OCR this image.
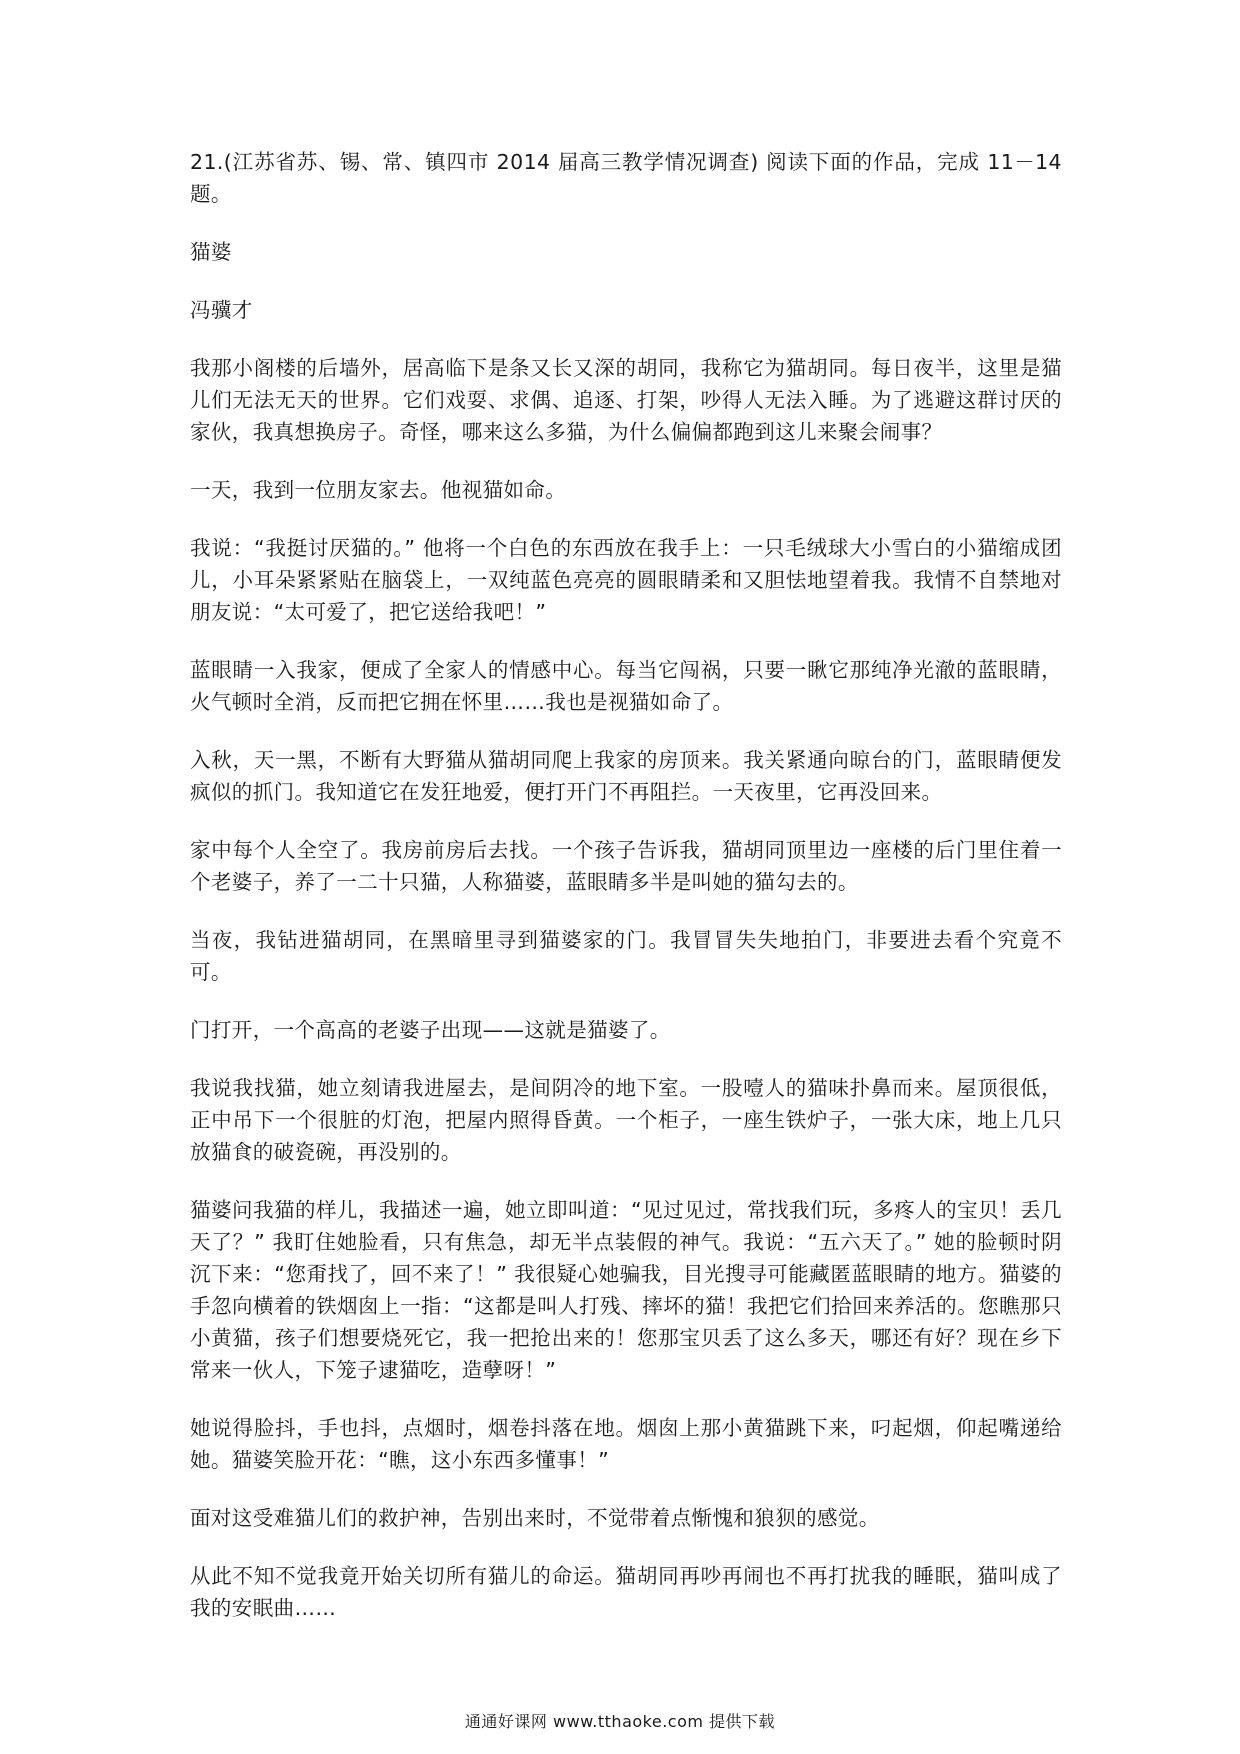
21.(江苏省苏、锡、常、镇四市 2014 届高三教学情况调查) 阅读下面的作品，完成 11－14 题。

猫婆

冯骥才

我那小阁楼的后墙外，居高临下是条又长又深的胡同，我称它为猫胡同。每日夜半，这里是猫儿们无法无天的世界。它们戏耍、求偶、追逐、打架，吵得人无法入睡。为了逃避这群讨厌的家伙，我真想换房子。奇怪，哪来这么多猫，为什么偏偏都跑到这儿来聚会闹事？

一天，我到一位朋友家去。他视猫如命。

我说：“我挺讨厌猫的。” 他将一个白色的东西放在我手上：一只毛绒球大小雪白的小猫缩成团儿，小耳朵紧紧贴在脑袋上，一双纯蓝色亮亮的圆眼睛柔和又胆怯地望着我。我情不自禁地对朋友说：“太可爱了，把它送给我吧！”

蓝眼睛一入我家，便成了全家人的情感中心。每当它闯祸，只要一瞅它那纯净光澈的蓝眼睛，火气顿时全消，反而把它拥在怀里……我也是视猫如命了。

入秋，天一黑，不断有大野猫从猫胡同爬上我家的房顶来。我关紧通向晾台的门，蓝眼睛便发疯似的抓门。我知道它在发狂地爱，便打开门不再阻拦。一天夜里，它再没回来。

家中每个人全空了。我房前房后去找。一个孩子告诉我，猫胡同顶里边一座楼的后门里住着一个老婆子，养了一二十只猫，人称猫婆，蓝眼睛多半是叫她的猫勾去的。

当夜，我钻进猫胡同，在黑暗里寻到猫婆家的门。我冒冒失失地拍门，非要进去看个究竟不可。

门打开，一个高高的老婆子出现——这就是猫婆了。

我说我找猫，她立刻请我进屋去，是间阴冷的地下室。一股噎人的猫味扑鼻而来。屋顶很低，正中吊下一个很脏的灯泡，把屋内照得昏黄。一个柜子，一座生铁炉子，一张大床，地上几只放猫食的破瓷碗，再没别的。

猫婆问我猫的样儿，我描述一遍，她立即叫道：“见过见过，常找我们玩，多疼人的宝贝！丢几天了？” 我盯住她脸看，只有焦急，却无半点装假的神气。我说：“五六天了。” 她的脸顿时阴沉下来：“您甭找了，回不来了！” 我很疑心她骗我，目光搜寻可能藏匿蓝眼睛的地方。猫婆的手忽向横着的铁烟囱上一指：“这都是叫人打残、摔坏的猫！我把它们拾回来养活的。您瞧那只小黄猫，孩子们想要烧死它，我一把抢出来的！您那宝贝丢了这么多天，哪还有好？现在乡下常来一伙人，下笼子逮猫吃，造孽呀！”

她说得脸抖，手也抖，点烟时，烟卷抖落在地。烟囱上那小黄猫跳下来，叼起烟，仰起嘴递给她。猫婆笑脸开花：“瞧，这小东西多懂事！”

面对这受难猫儿们的救护神，告别出来时，不觉带着点惭愧和狼狈的感觉。

从此不知不觉我竟开始关切所有猫儿的命运。猫胡同再吵再闹也不再打扰我的睡眠，猫叫成了我的安眠曲……

通通好课网 www.tthaoke.com 提供下载
